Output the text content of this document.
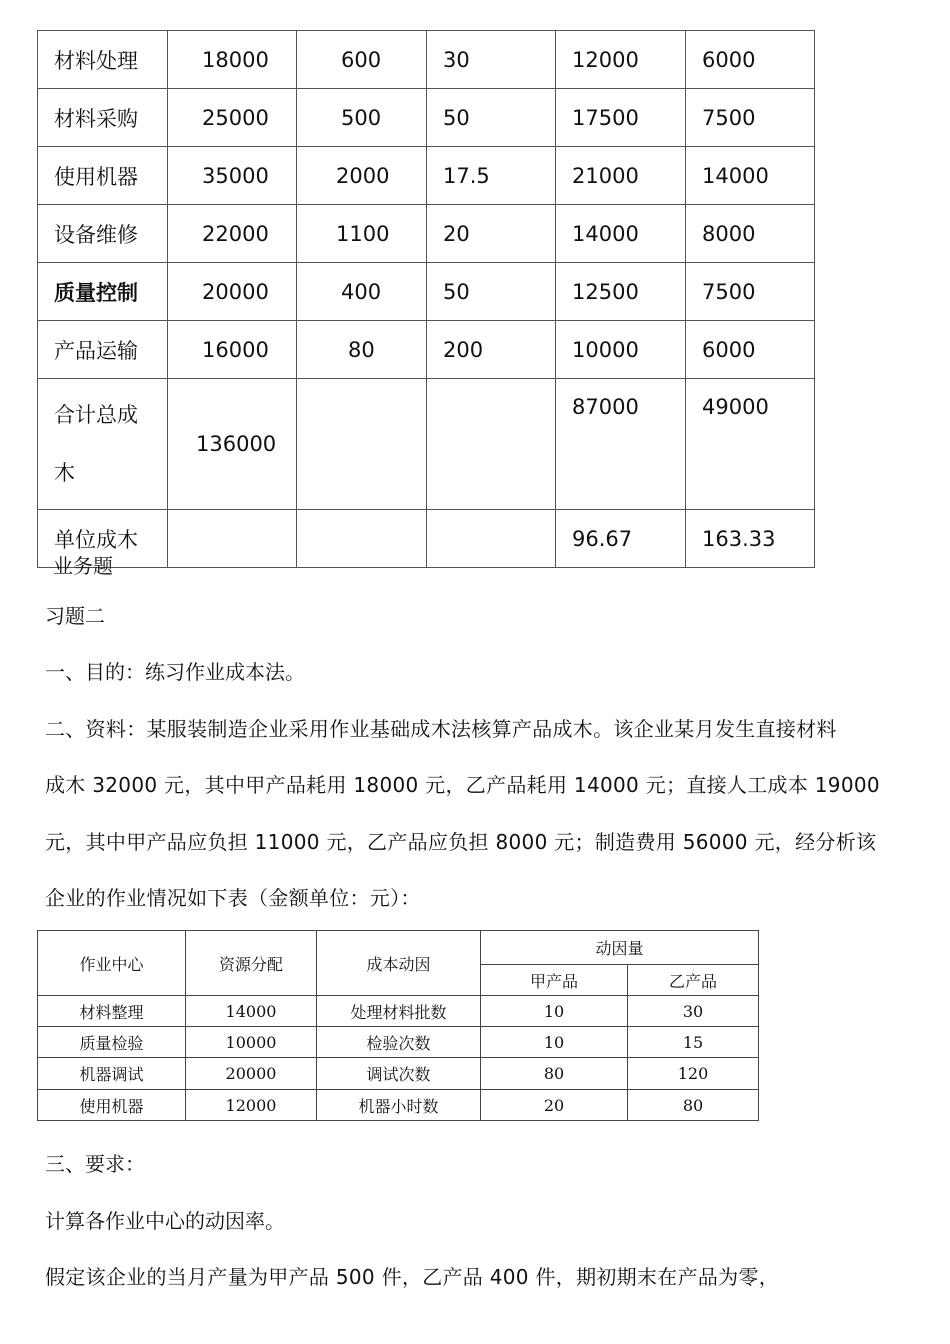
材料处理	18000	600	30	12000	6000
材料采购	25000	500	50	17500	7500
使用机器	35000	2000	17.5	21000	14000
设备维修	22000	1100	20	14000	8000
质量控制	20000	400	50	12500	7500
产品运输	16000	80	200	10000	6000

合计总成
木	136000			87000	49000
单位成木				96.67	163.33
业务题
习题二
一、目的：练习作业成本法。
二、资料：某服装制造企业采用作业基础成木法核算产品成木。该企业某月发生直接材料
成木 32000 元，其中甲产品耗用 18000 元，乙产品耗用 14000 元；直接人工成本 19000
元，其中甲产品应负担 11000 元，乙产品应负担 8000 元；制造费用 56000 元，经分析该
企业的作业情况如下表（金额单位：元）：
作业中心	资源分配	成本动因	动因量	
			甲产品	乙产品
材料整理	14000	处理材料批数	10	30
质量检验	10000	检验次数	10	15
机器调试	20000	调试次数	80	120
使用机器	12000	机器小时数	20	80
三、要求：
计算各作业中心的动因率。
假定该企业的当月产量为甲产品 500 件，乙产品 400 件，期初期末在产品为零，
